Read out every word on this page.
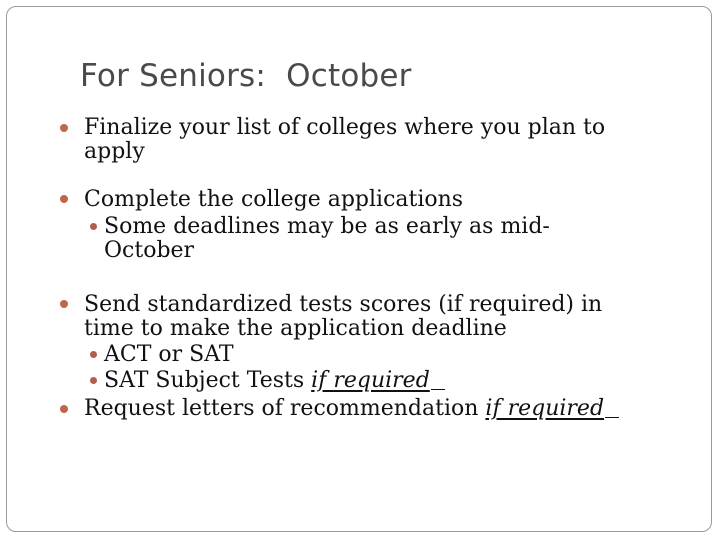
For Seniors:  October
Finalize your list of colleges where you plan to
apply
Complete the college applications
Some deadlines may be as early as mid-
October
Send standardized tests scores (if required) in
time to make the application deadline
ACT or SAT
SAT Subject Tests if required
Request letters of recommendation if required
